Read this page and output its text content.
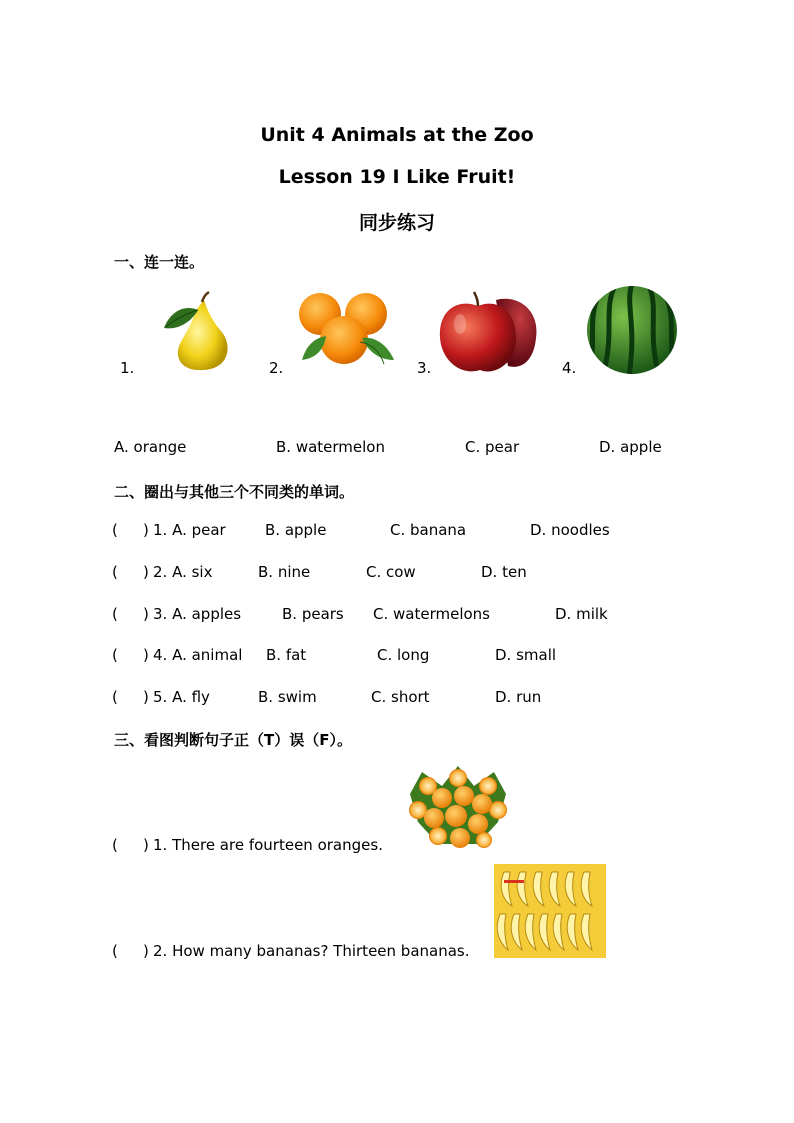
Unit 4 Animals at the Zoo
Lesson 19 I Like Fruit!
同步练习
一、连一连。
1.	2.	3.	4.
A. orange	B. watermelon	C. pear	D. apple
二、圈出与其他三个不同类的单词。
( ) 1. A. pear	B. apple	C. banana	D. noodles
( ) 2. A. six	B. nine	C. cow	D. ten
( ) 3. A. apples	B. pears C. watermelons	D. milk
( ) 4. A. animal B. fat	C. long	D. small
( ) 5. A. fly	B. swim	C. short	D. run
三、看图判断句子正（T）误（F）。
( ) 1. There are fourteen oranges.
( ) 2. How many bananas? Thirteen bananas.
